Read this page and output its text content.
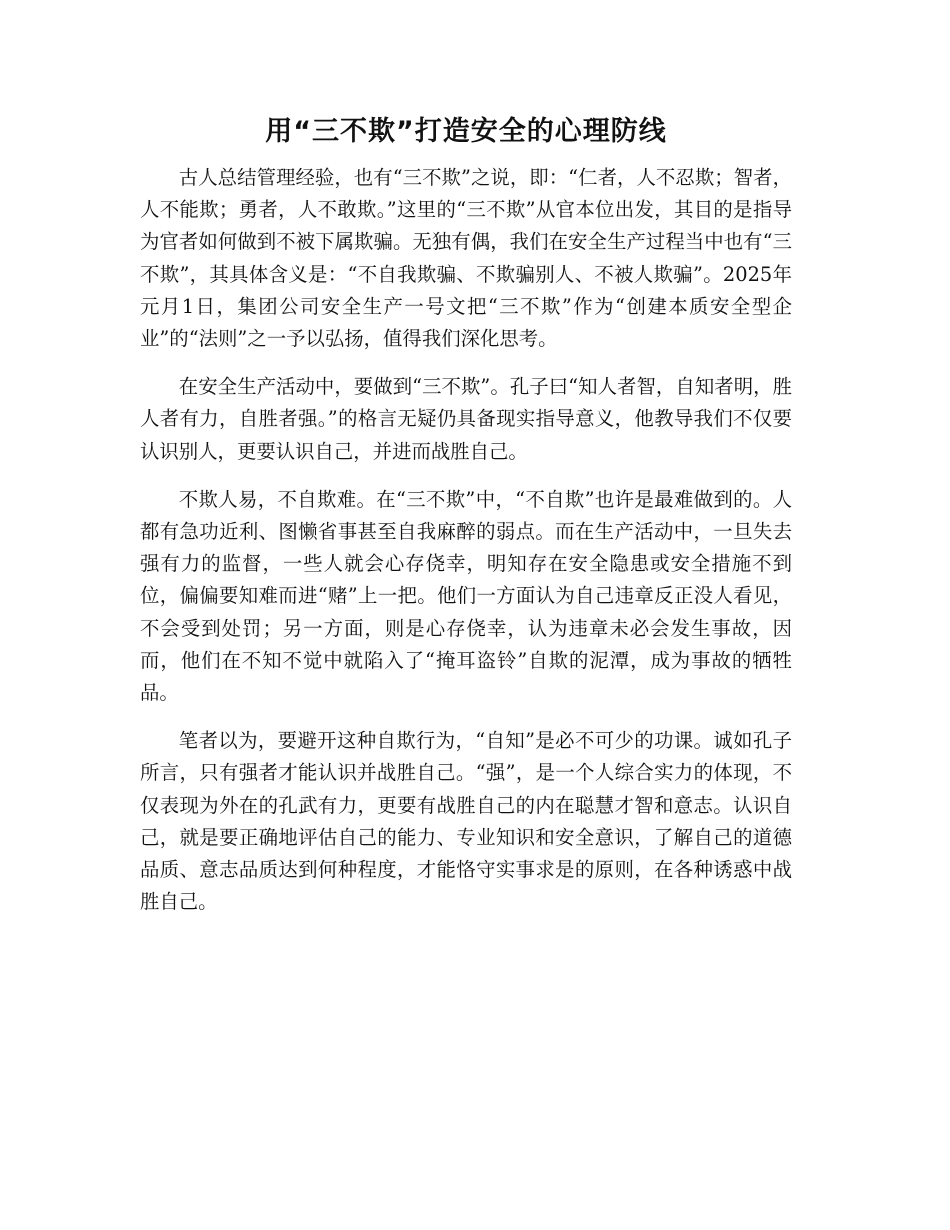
用“三不欺”打造安全的心理防线

古人总结管理经验，也有“三不欺”之说，即：“仁者，人不忍欺；智者，人不能欺；勇者，人不敢欺。”这里的“三不欺”从官本位出发，其目的是指导为官者如何做到不被下属欺骗。无独有偶，我们在安全生产过程当中也有“三不欺”，其具体含义是：“不自我欺骗、不欺骗别人、不被人欺骗”。2025年元月1日，集团公司安全生产一号文把“三不欺”作为“创建本质安全型企业”的“法则”之一予以弘扬，值得我们深化思考。

在安全生产活动中，要做到“三不欺”。孔子曰“知人者智，自知者明，胜人者有力，自胜者强。”的格言无疑仍具备现实指导意义，他教导我们不仅要认识别人，更要认识自己，并进而战胜自己。

不欺人易，不自欺难。在“三不欺”中，“不自欺”也许是最难做到的。人都有急功近利、图懒省事甚至自我麻醉的弱点。而在生产活动中，一旦失去强有力的监督，一些人就会心存侥幸，明知存在安全隐患或安全措施不到位，偏偏要知难而进“赌”上一把。他们一方面认为自己违章反正没人看见，不会受到处罚；另一方面，则是心存侥幸，认为违章未必会发生事故，因而，他们在不知不觉中就陷入了“掩耳盗铃”自欺的泥潭，成为事故的牺牲品。

笔者以为，要避开这种自欺行为，“自知”是必不可少的功课。诚如孔子所言，只有强者才能认识并战胜自己。“强”，是一个人综合实力的体现，不仅表现为外在的孔武有力，更要有战胜自己的内在聪慧才智和意志。认识自己，就是要正确地评估自己的能力、专业知识和安全意识，了解自己的道德品质、意志品质达到何种程度，才能恪守实事求是的原则，在各种诱惑中战胜自己。
